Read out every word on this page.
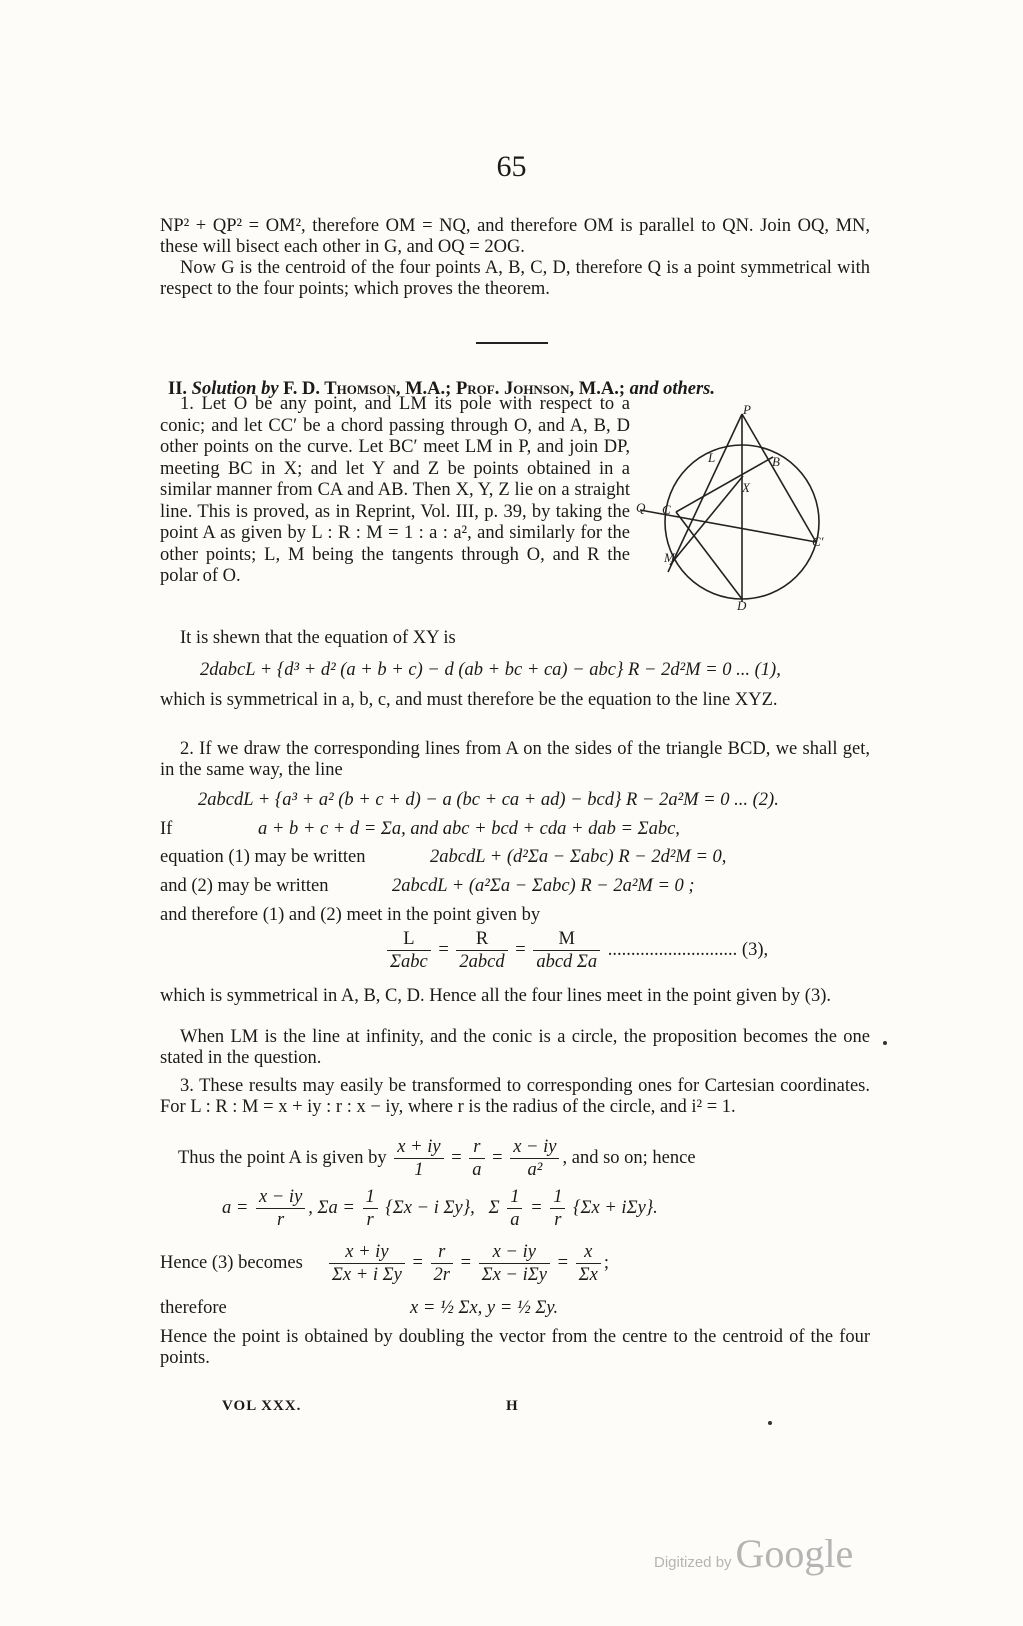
65
NP² + QP² = OM², therefore OM = NQ, and therefore OM is parallel to QN. Join OQ, MN, these will bisect each other in G, and OQ = 2OG.
Now G is the centroid of the four points A, B, C, D, therefore Q is a point symmetrical with respect to the four points; which proves the theorem.
II. Solution by F. D. Thomson, M.A.; Prof. Johnson, M.A.; and others.
1. Let O be any point, and LM its pole with respect to a conic; and let CC′ be a chord passing through O, and A, B, D other points on the curve. Let BC′ meet LM in P, and join DP, meeting BC in X; and let Y and Z be points obtained in a similar manner from CA and AB. Then X, Y, Z lie on a straight line. This is proved, as in Reprint, Vol. III, p. 39, by taking the point A as given by L : R : M = 1 : a : a², and similarly for the other points; L, M being the tangents through O, and R the polar of O.
P
L	B
X
Q C
C′
M
D
It is shewn that the equation of XY is
2dabcL + {d³ + d² (a + b + c) − d (ab + bc + ca) − abc} R − 2d²M = 0 ... (1),
which is symmetrical in a, b, c, and must therefore be the equation to the line XYZ.
2. If we draw the corresponding lines from A on the sides of the triangle BCD, we shall get, in the same way, the line
2abcdL + {a³ + a² (b + c + d) − a (bc + ca + ad) − bcd} R − 2a²M = 0 ... (2).
If	a + b + c + d = Σa, and abc + bcd + cda + dab = Σabc,
equation (1) may be written	2abcdL + (d²Σa − Σabc) R − 2d²M = 0,
and (2) may be written	2abcdL + (a²Σa − Σabc) R − 2a²M = 0 ;
and therefore (1) and (2) meet in the point given by
$\frac{L}{\text{Σabc}} = \frac{R}{\text{2abcd}} = \frac{M}{\text{abcd Σa}}$ ............................ (3),
which is symmetrical in A, B, C, D. Hence all the four lines meet in the point given by (3).
When LM is the line at infinity, and the conic is a circle, the proposition becomes the one stated in the question.
3. These results may easily be transformed to corresponding ones for Cartesian coordinates. For L : R : M = x + iy : r : x − iy, where r is the radius of the circle, and i² = 1.
Thus the point A is given by $\frac{x + iy}{1} = \frac{r}{a} = \frac{x - iy}{\text{a²}}$ , and so on; hence
$a = \frac{x - iy}{r}$ , $\Sigma a = \frac{1}{r} \{\Sigma x - i$ Σy}, Σ $\frac{1}{a} = \frac{1}{r} \{\Sigma x + i\Sigma y\}$.
Hence (3) becomes $\frac{x + iy}{\text{Σx + i Σy}} = \frac{r}{2r} = \frac{x - iy}{\text{Σx − iΣy}} = \frac{x}{\Sigma x}$ ;
therefore	x = ½ Σx, y = ½ Σy.
Hence the point is obtained by doubling the vector from the centre to the centroid of the four points.
VOL XXX.	H
Digitized by Google
